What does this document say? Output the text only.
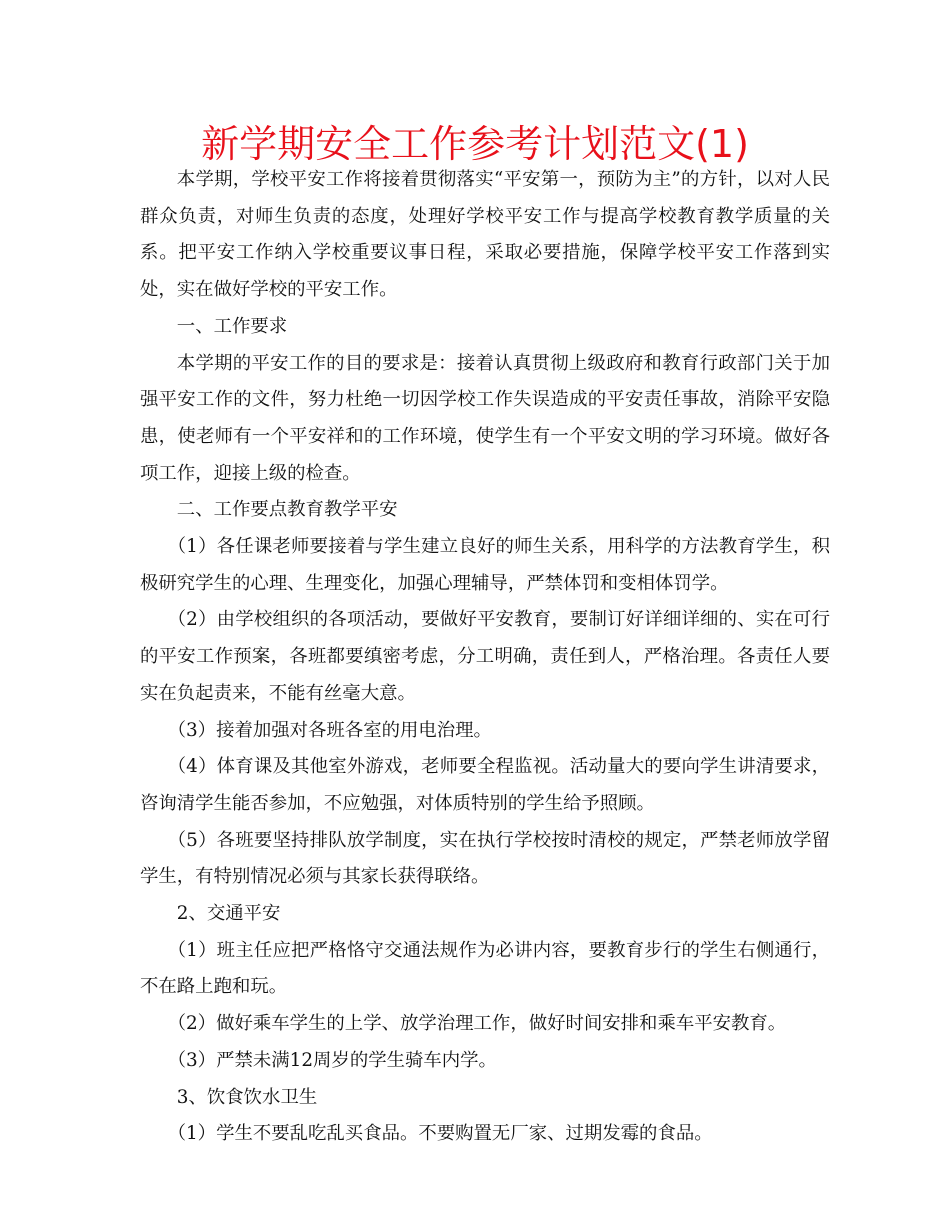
新学期安全工作参考计划范文(1)

本学期，学校平安工作将接着贯彻落实“平安第一，预防为主”的方针，以对人民群众负责，对师生负责的态度，处理好学校平安工作与提高学校教育教学质量的关系。把平安工作纳入学校重要议事日程，采取必要措施，保障学校平安工作落到实处，实在做好学校的平安工作。

一、工作要求

本学期的平安工作的目的要求是：接着认真贯彻上级政府和教育行政部门关于加强平安工作的文件，努力杜绝一切因学校工作失误造成的平安责任事故，消除平安隐患，使老师有一个平安祥和的工作环境，使学生有一个平安文明的学习环境。做好各项工作，迎接上级的检查。

二、工作要点教育教学平安

（1）各任课老师要接着与学生建立良好的师生关系，用科学的方法教育学生，积极研究学生的心理、生理变化，加强心理辅导，严禁体罚和变相体罚学。

（2）由学校组织的各项活动，要做好平安教育，要制订好详细详细的、实在可行的平安工作预案，各班都要缜密考虑，分工明确，责任到人，严格治理。各责任人要实在负起责来，不能有丝毫大意。

（3）接着加强对各班各室的用电治理。

（4）体育课及其他室外游戏，老师要全程监视。活动量大的要向学生讲清要求，咨询清学生能否参加，不应勉强，对体质特别的学生给予照顾。

（5）各班要坚持排队放学制度，实在执行学校按时清校的规定，严禁老师放学留学生，有特别情况必须与其家长获得联络。

2、交通平安

（1）班主任应把严格恪守交通法规作为必讲内容，要教育步行的学生右侧通行，不在路上跑和玩。

（2）做好乘车学生的上学、放学治理工作，做好时间安排和乘车平安教育。

（3）严禁未满12周岁的学生骑车内学。

3、饮食饮水卫生

（1）学生不要乱吃乱买食品。不要购置无厂家、过期发霉的食品。
